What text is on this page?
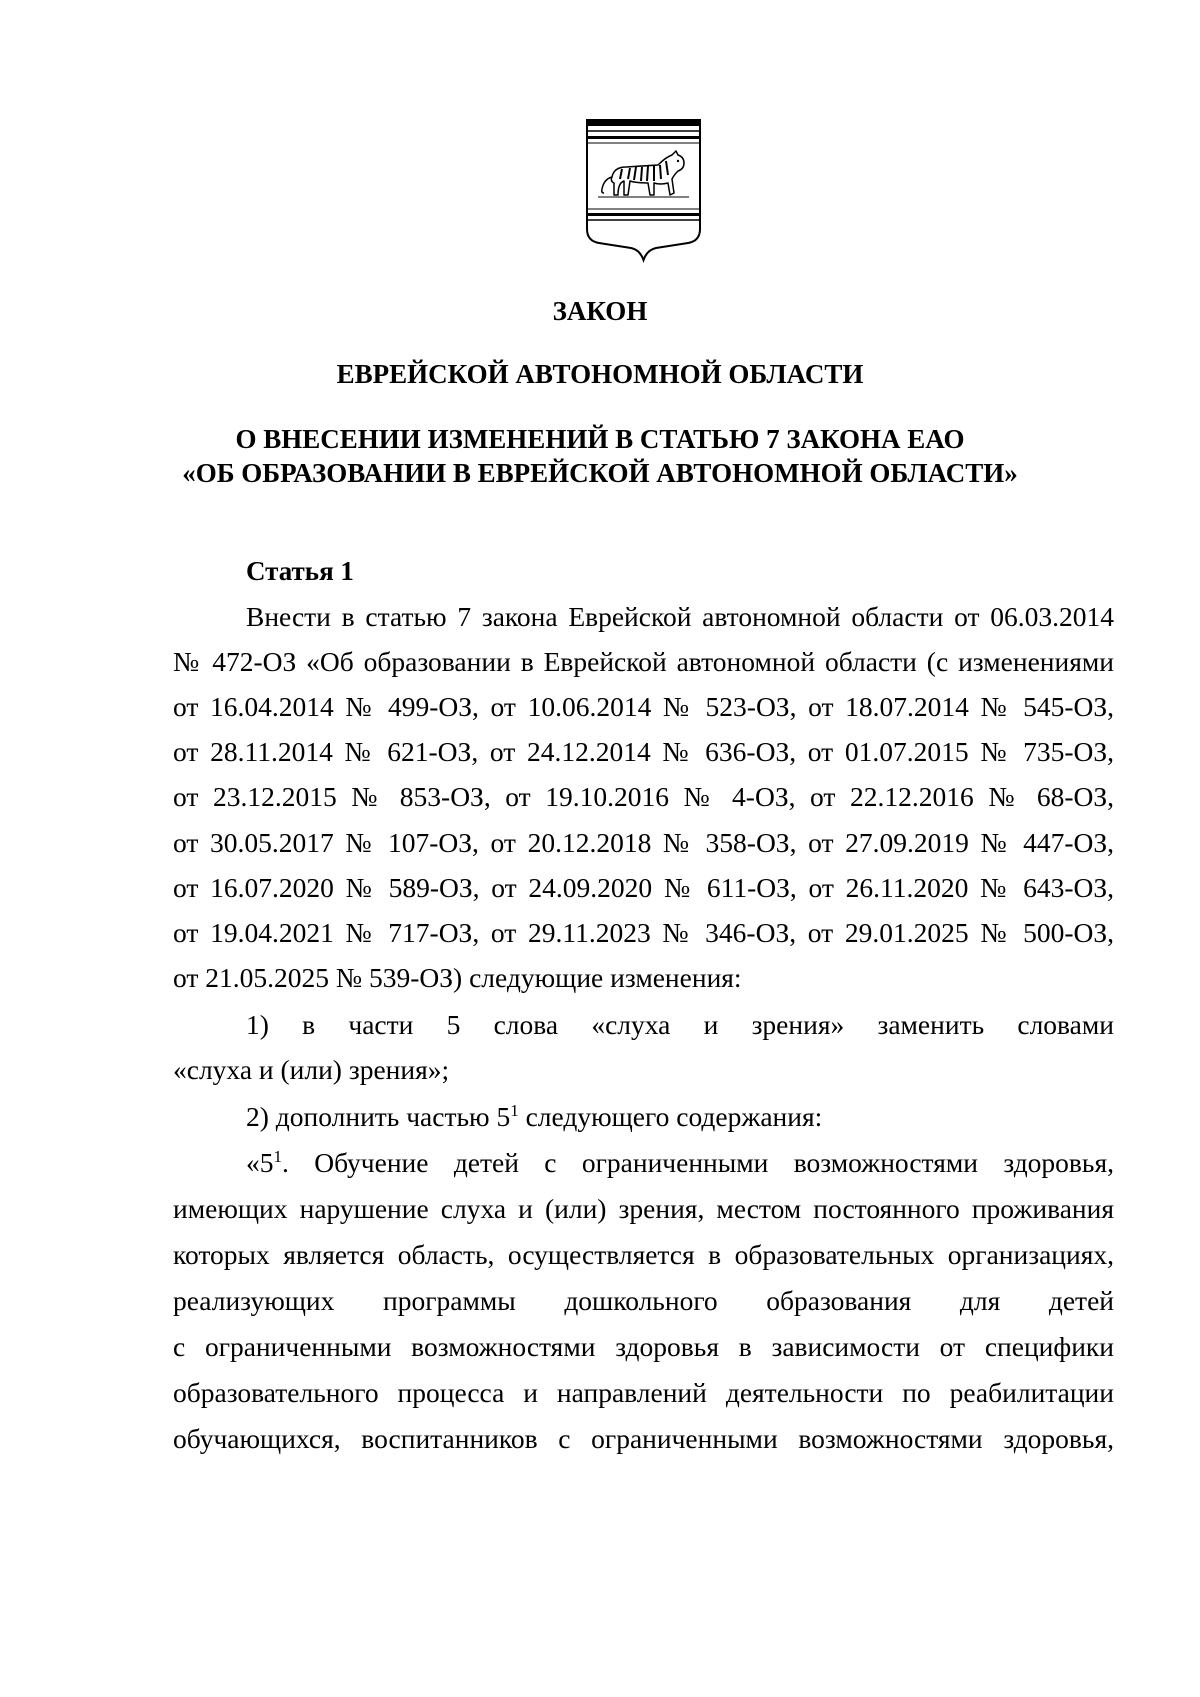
ЗАКОН
ЕВРЕЙСКОЙ АВТОНОМНОЙ ОБЛАСТИ
О ВНЕСЕНИИ ИЗМЕНЕНИЙ В СТАТЬЮ 7 ЗАКОНА ЕАО
«ОБ ОБРАЗОВАНИИ В ЕВРЕЙСКОЙ АВТОНОМНОЙ ОБЛАСТИ»
Статья 1
Внести в статью 7 закона Еврейской автономной области от 06.03.2014
№ 472-ОЗ «Об образовании в Еврейской автономной области (с изменениями
от 16.04.2014 № 499-ОЗ, от 10.06.2014 № 523-ОЗ, от 18.07.2014 № 545-ОЗ,
от 28.11.2014 № 621-ОЗ, от 24.12.2014 № 636-ОЗ, от 01.07.2015 № 735-ОЗ,
от 23.12.2015 № 853-ОЗ, от 19.10.2016 № 4-ОЗ, от 22.12.2016 № 68-ОЗ,
от 30.05.2017 № 107-ОЗ, от 20.12.2018 № 358-ОЗ, от 27.09.2019 № 447-ОЗ,
от 16.07.2020 № 589-ОЗ, от 24.09.2020 № 611-ОЗ, от 26.11.2020 № 643-ОЗ,
от 19.04.2021 № 717-ОЗ, от 29.11.2023 № 346-ОЗ, от 29.01.2025 № 500-ОЗ,
от 21.05.2025 № 539-ОЗ) следующие изменения:
1) в части 5 слова «слуха и зрения» заменить словами
«слуха и (или) зрения»;
2) дополнить частью $5^1$ следующего содержания:
«$5^1$. Обучение детей с ограниченными возможностями здоровья,
имеющих нарушение слуха и (или) зрения, местом постоянного проживания
которых является область, осуществляется в образовательных организациях,
реализующих программы дошкольного образования для детей
с ограниченными возможностями здоровья в зависимости от специфики
образовательного процесса и направлений деятельности по реабилитации
обучающихся, воспитанников с ограниченными возможностями здоровья,
